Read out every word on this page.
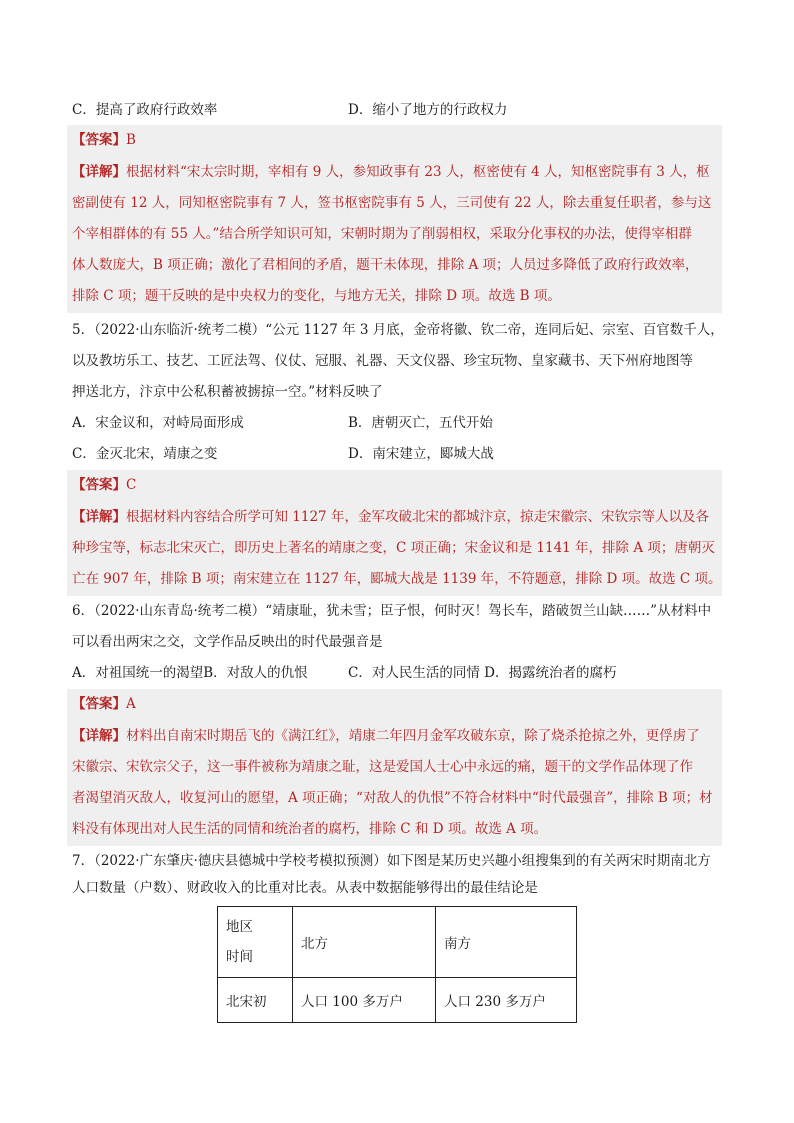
C．提高了政府行政效率	D．缩小了地方的行政权力
【答案】B
【详解】根据材料“宋太宗时期，宰相有 9 人，参知政事有 23 人，枢密使有 4 人，知枢密院事有 3 人，枢
密副使有 12 人，同知枢密院事有 7 人，签书枢密院事有 5 人，三司使有 22 人，除去重复任职者，参与这
个宰相群体的有 55 人。”结合所学知识可知，宋朝时期为了削弱相权，采取分化事权的办法，使得宰相群
体人数庞大，B 项正确；激化了君相间的矛盾，题干未体现，排除 A 项；人员过多降低了政府行政效率，
排除 C 项；题干反映的是中央权力的变化，与地方无关，排除 D 项。故选 B 项。
5．（2022·山东临沂·统考二模）“公元 1127 年 3 月底，金帝将徽、钦二帝，连同后妃、宗室、百官数千人，
以及教坊乐工、技艺、工匠法驾、仪仗、冠服、礼器、天文仪器、珍宝玩物、皇家藏书、天下州府地图等
押送北方，汴京中公私积蓄被掳掠一空。”材料反映了
A．宋金议和，对峙局面形成	B．唐朝灭亡，五代开始
C．金灭北宋，靖康之变	D．南宋建立，郾城大战
【答案】C
【详解】根据材料内容结合所学可知 1127 年，金军攻破北宋的都城汴京，掠走宋徽宗、宋钦宗等人以及各
种珍宝等，标志北宋灭亡，即历史上著名的靖康之变，C 项正确；宋金议和是 1141 年，排除 A 项；唐朝灭
亡在 907 年，排除 B 项；南宋建立在 1127 年，郾城大战是 1139 年，不符题意，排除 D 项。故选 C 项。
6．（2022·山东青岛·统考二模）“靖康耻，犹未雪；臣子恨，何时灭！驾长车，踏破贺兰山缺……”从材料中
可以看出两宋之交，文学作品反映出的时代最强音是
A．对祖国统一的渴望B．对敌人的仇恨	C．对人民生活的同情 D．揭露统治者的腐朽
【答案】A
【详解】材料出自南宋时期岳飞的《满江红》，靖康二年四月金军攻破东京，除了烧杀抢掠之外，更俘虏了
宋徽宗、宋钦宗父子，这一事件被称为靖康之耻，这是爱国人士心中永远的痛，题干的文学作品体现了作
者渴望消灭敌人，收复河山的愿望，A 项正确；“对敌人的仇恨”不符合材料中“时代最强音”，排除 B 项；材
料没有体现出对人民生活的同情和统治者的腐朽，排除 C 和 D 项。故选 A 项。
7．（2022·广东肇庆·德庆县德城中学校考模拟预测）如下图是某历史兴趣小组搜集到的有关两宋时期南北方
人口数量（户数）、财政收入的比重对比表。从表中数据能够得出的最佳结论是
地区
时间	北方	南方
北宋初	人口 100 多万户	人口 230 多万户
